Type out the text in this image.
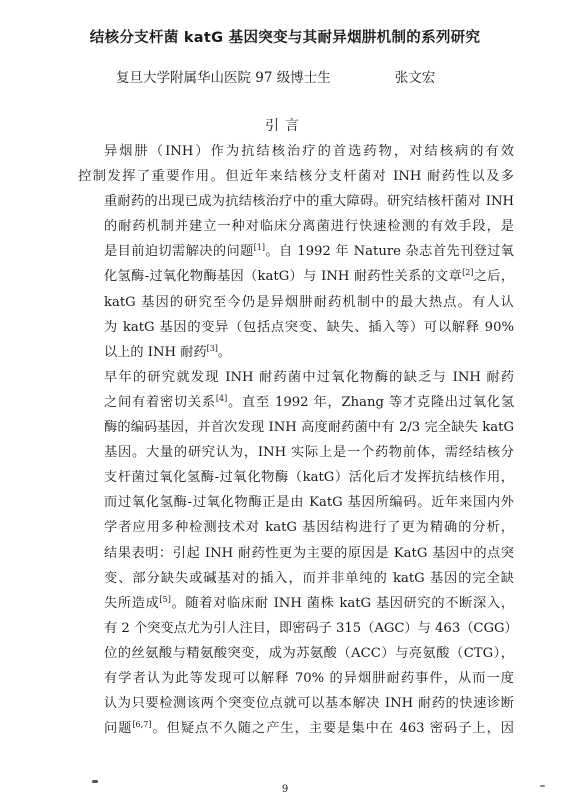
结核分支杆菌 katG 基因突变与其耐异烟肼机制的系列研究
复旦大学附属华山医院 97 级博士生	张文宏
引言

异烟肼（INH）作为抗结核治疗的首选药物，对结核病的有效
控制发挥了重要作用。但近年来结核分支杆菌对 INH 耐药性以及多
重耐药的出现已成为抗结核治疗中的重大障碍。研究结核杆菌对 INH
的耐药机制并建立一种对临床分离菌进行快速检测的有效手段，是
是目前迫切需解决的问题[1]。自 1992 年 Nature 杂志首先刊登过氧
化氢酶-过氧化物酶基因（katG）与 INH 耐药性关系的文章[2]之后，
katG 基因的研究至今仍是异烟肼耐药机制中的最大热点。有人认
为 katG 基因的变异（包括点突变、缺失、插入等）可以解释 90%
以上的 INH 耐药[3]。

早年的研究就发现 INH 耐药菌中过氧化物酶的缺乏与 INH 耐药
之间有着密切关系[4]。直至 1992 年，Zhang 等才克隆出过氧化氢
酶的编码基因，并首次发现 INH 高度耐药菌中有 2/3 完全缺失 katG
基因。大量的研究认为，INH 实际上是一个药物前体，需经结核分
支杆菌过氧化氢酶-过氧化物酶（katG）活化后才发挥抗结核作用，
而过氧化氢酶-过氧化物酶正是由 KatG 基因所编码。近年来国内外
学者应用多种检测技术对 katG 基因结构进行了更为精确的分析，
结果表明：引起 INH 耐药性更为主要的原因是 KatG 基因中的点突
变、部分缺失或碱基对的插入，而并非单纯的 katG 基因的完全缺
失所造成[5]。随着对临床耐 INH 菌株 katG 基因研究的不断深入，
有 2 个突变点尤为引人注目，即密码子 315（AGC）与 463（CGG）
位的丝氨酸与精氨酸突变，成为苏氨酸（ACC）与亮氨酸（CTG），
有学者认为此等发现可以解释 70% 的异烟肼耐药事件，从而一度
认为只要检测该两个突变位点就可以基本解决 INH 耐药的快速诊断
问题[6,7]。但疑点不久随之产生，主要是集中在 463 密码子上，因

9
